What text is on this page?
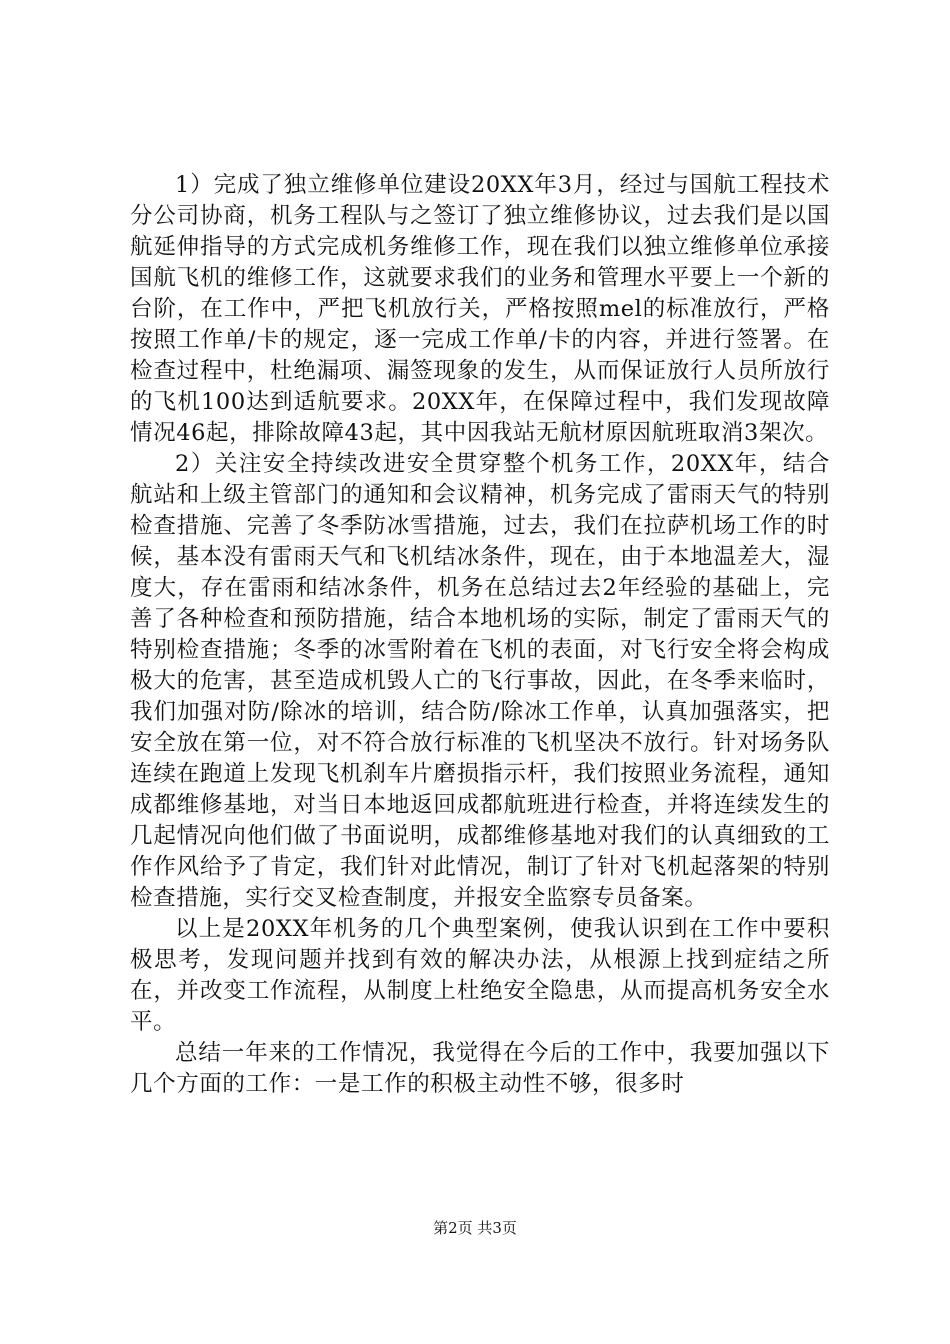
1）完成了独立维修单位建设20XX年3月，经过与国航工程技术分公司协商，机务工程队与之签订了独立维修协议，过去我们是以国航延伸指导的方式完成机务维修工作，现在我们以独立维修单位承接国航飞机的维修工作，这就要求我们的业务和管理水平要上一个新的台阶，在工作中，严把飞机放行关，严格按照mel的标准放行，严格按照工作单/卡的规定，逐一完成工作单/卡的内容，并进行签署。在检查过程中，杜绝漏项、漏签现象的发生，从而保证放行人员所放行的飞机100达到适航要求。20XX年，在保障过程中，我们发现故障情况46起，排除故障43起，其中因我站无航材原因航班取消3架次。

2）关注安全持续改进安全贯穿整个机务工作，20XX年，结合航站和上级主管部门的通知和会议精神，机务完成了雷雨天气的特别检查措施、完善了冬季防冰雪措施，过去，我们在拉萨机场工作的时候，基本没有雷雨天气和飞机结冰条件，现在，由于本地温差大，湿度大，存在雷雨和结冰条件，机务在总结过去2年经验的基础上，完善了各种检查和预防措施，结合本地机场的实际，制定了雷雨天气的特别检查措施；冬季的冰雪附着在飞机的表面，对飞行安全将会构成极大的危害，甚至造成机毁人亡的飞行事故，因此，在冬季来临时，我们加强对防/除冰的培训，结合防/除冰工作单，认真加强落实，把安全放在第一位，对不符合放行标准的飞机坚决不放行。针对场务队连续在跑道上发现飞机刹车片磨损指示杆，我们按照业务流程，通知成都维修基地，对当日本地返回成都航班进行检查，并将连续发生的几起情况向他们做了书面说明，成都维修基地对我们的认真细致的工作作风给予了肯定，我们针对此情况，制订了针对飞机起落架的特别检查措施，实行交叉检查制度，并报安全监察专员备案。

以上是20XX年机务的几个典型案例，使我认识到在工作中要积极思考，发现问题并找到有效的解决办法，从根源上找到症结之所在，并改变工作流程，从制度上杜绝安全隐患，从而提高机务安全水平。

总结一年来的工作情况，我觉得在今后的工作中，我要加强以下几个方面的工作：一是工作的积极主动性不够，很多时

第2页 共3页
